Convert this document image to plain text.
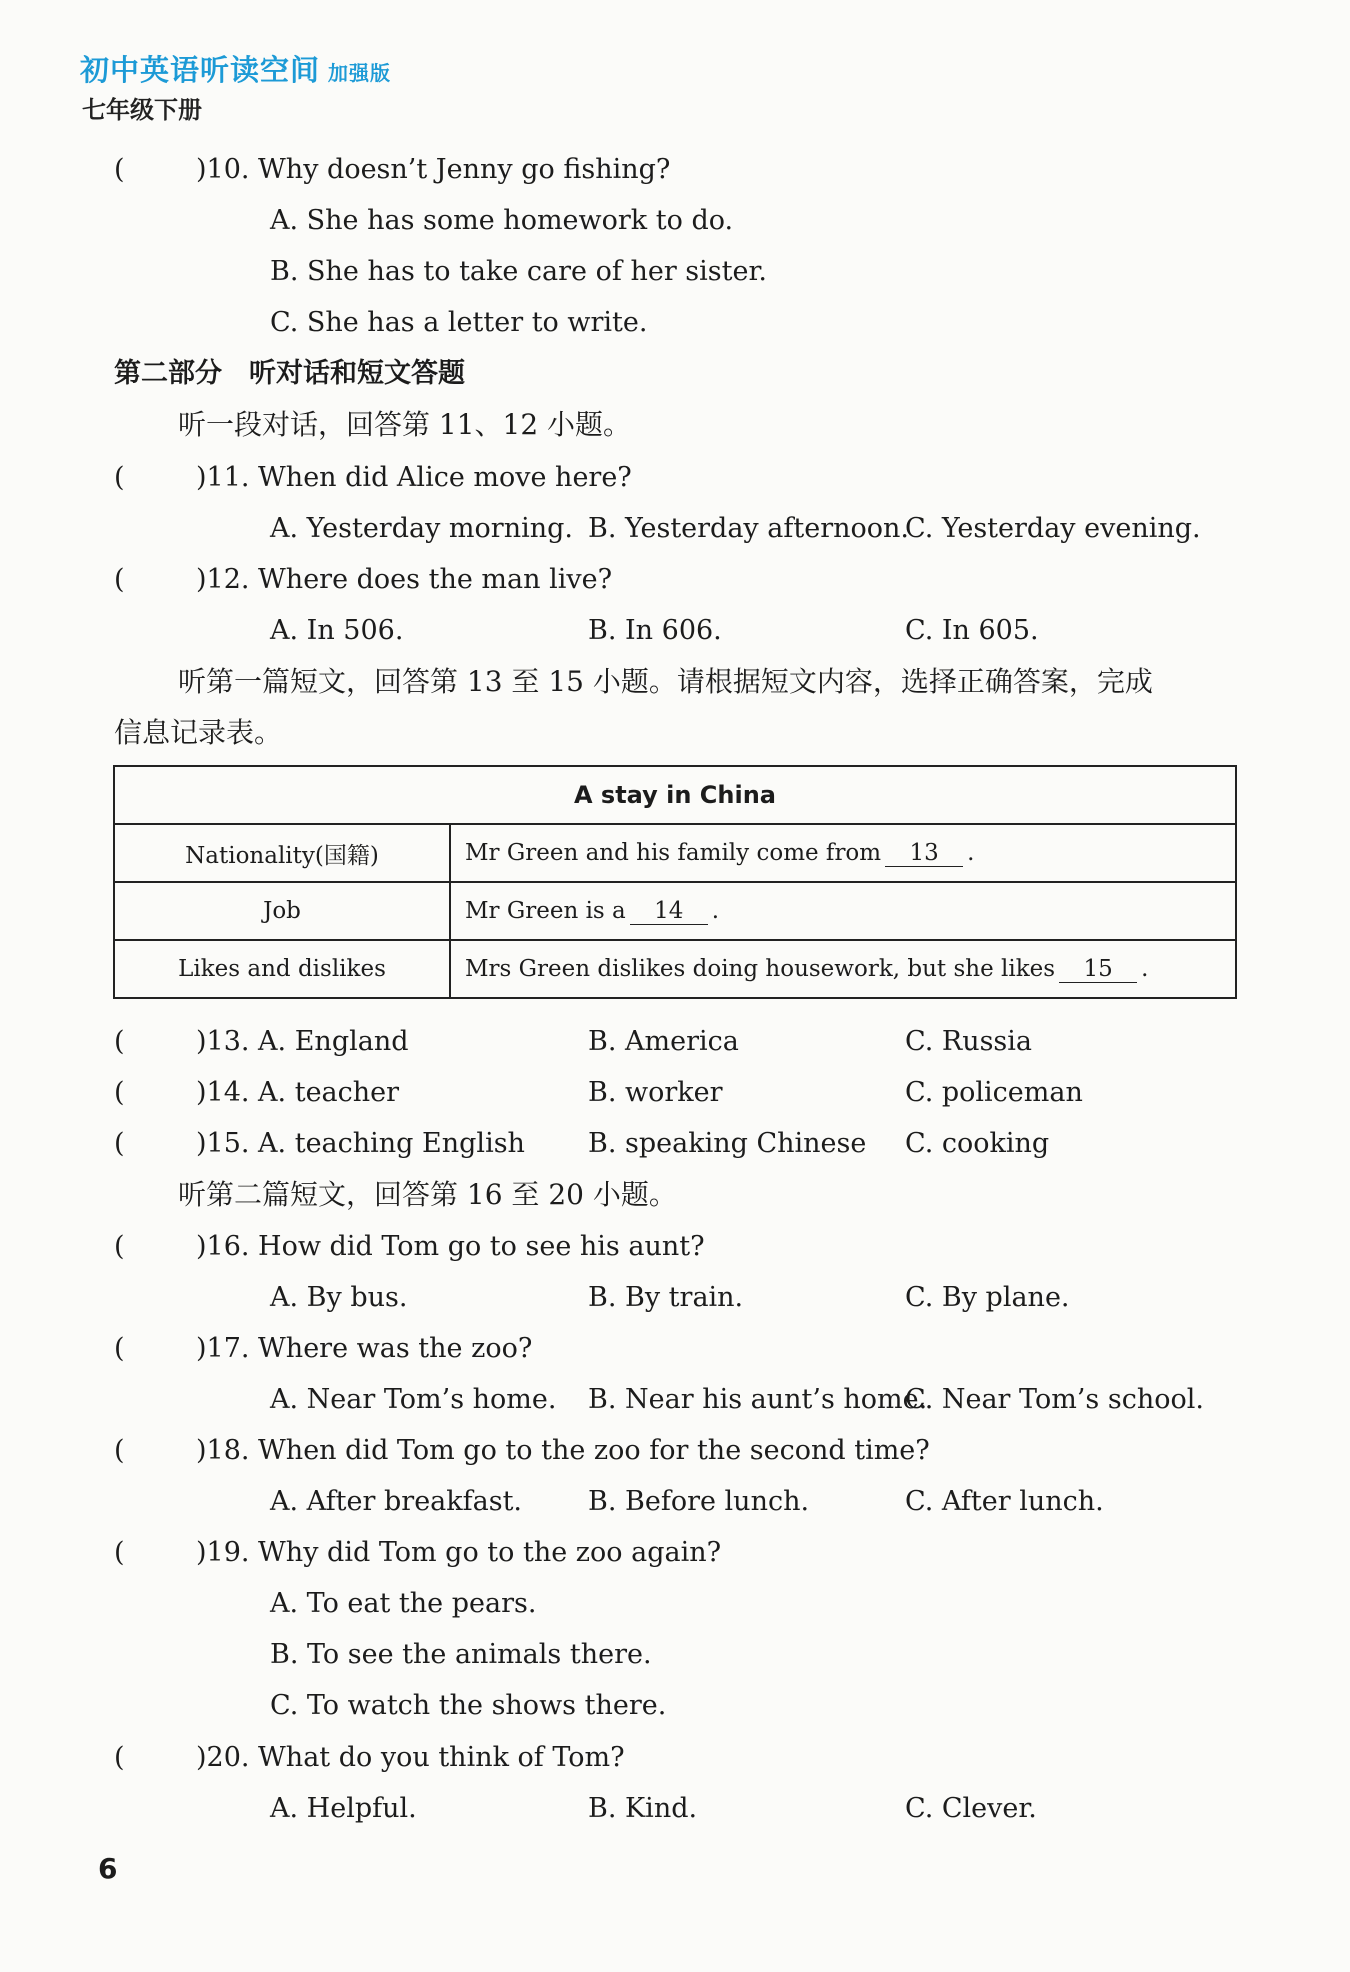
初中英语听读空间 加强版
七年级下册
(	)10. Why doesn’t Jenny go fishing?
A. She has some homework to do.
B. She has to take care of her sister.
C. She has a letter to write.
第二部分　听对话和短文答题
听一段对话，回答第 11、12 小题。
(	)11. When did Alice move here?
A. Yesterday morning. B. Yesterday afternoon.
C. Yesterday evening.
(	)12. Where does the man live?
A. In 506.	B. In 606.	C. In 605.
听第一篇短文，回答第 13 至 15 小题。请根据短文内容，选择正确答案，完成
信息记录表。
A stay in China	
Nationality(国籍)	Mr Green and his family come from 13 .
Job	Mr Green is a 14 .
Likes and dislikes	Mrs Green dislikes doing housework, but she likes 15 .
(	)13. A. England	B. America	C. Russia
(	)14. A. teacher	B. worker	C. policeman
(	)15. A. teaching English B. speaking Chinese C. cooking
听第二篇短文，回答第 16 至 20 小题。
(	)16. How did Tom go to see his aunt?
A. By bus.	B. By train.	C. By plane.
(	)17. Where was the zoo?
A. Near Tom’s home. B. Near his aunt’s home.
C. Near Tom’s school.
(	)18. When did Tom go to the zoo for the second time?
A. After breakfast. B. Before lunch.	C. After lunch.
(	)19. Why did Tom go to the zoo again?
A. To eat the pears.
B. To see the animals there.
C. To watch the shows there.
(	)20. What do you think of Tom?
A. Helpful.	B. Kind.	C. Clever.
6
